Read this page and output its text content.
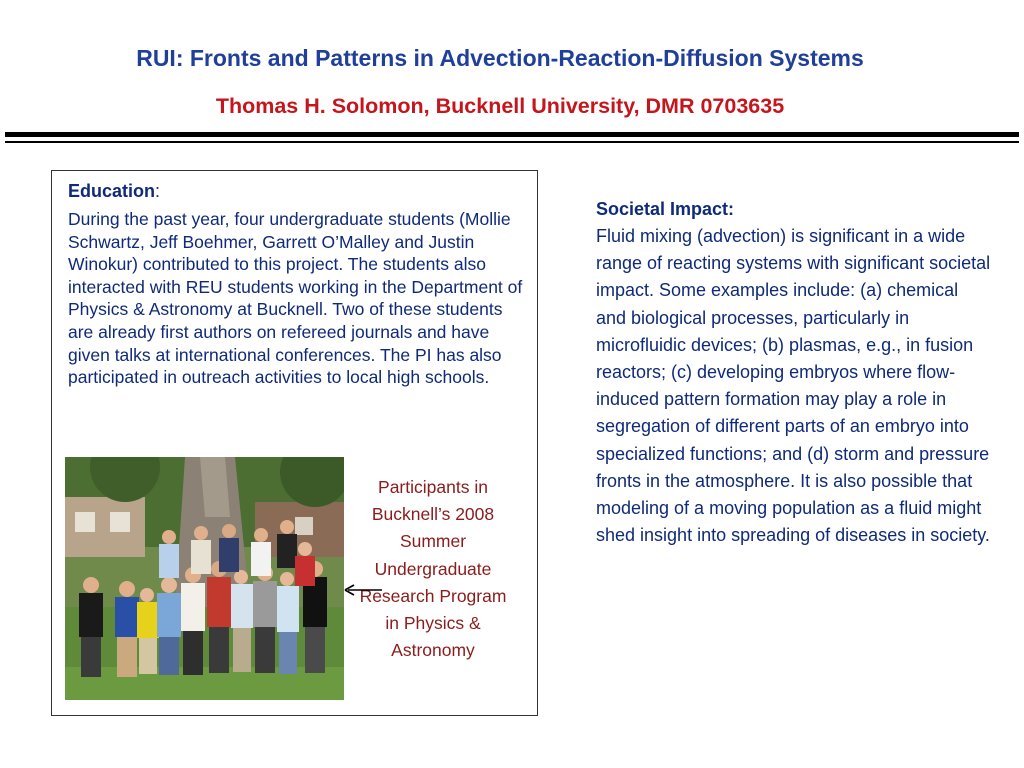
RUI: Fronts and Patterns in Advection-Reaction-Diffusion Systems
Thomas H. Solomon, Bucknell University, DMR 0703635
Education:
During the past year, four undergraduate students (Mollie Schwartz, Jeff Boehmer, Garrett O’Malley and Justin Winokur) contributed to this project. The students also interacted with REU students working in the Department of Physics & Astronomy at Bucknell. Two of these students are already first authors on refereed journals and have given talks at international conferences. The PI has also participated in outreach activities to local high schools.
Participants in Bucknell’s 2008 Summer Undergraduate Research Program in Physics & Astronomy
Societal Impact:
Fluid mixing (advection) is significant in a wide range of reacting systems with significant societal impact. Some examples include: (a) chemical and biological processes, particularly in microfluidic devices; (b) plasmas, e.g., in fusion reactors; (c) developing embryos where flow-induced pattern formation may play a role in segregation of different parts of an embryo into specialized functions; and (d) storm and pressure fronts in the atmosphere. It is also possible that modeling of a moving population as a fluid might shed insight into spreading of diseases in society.
